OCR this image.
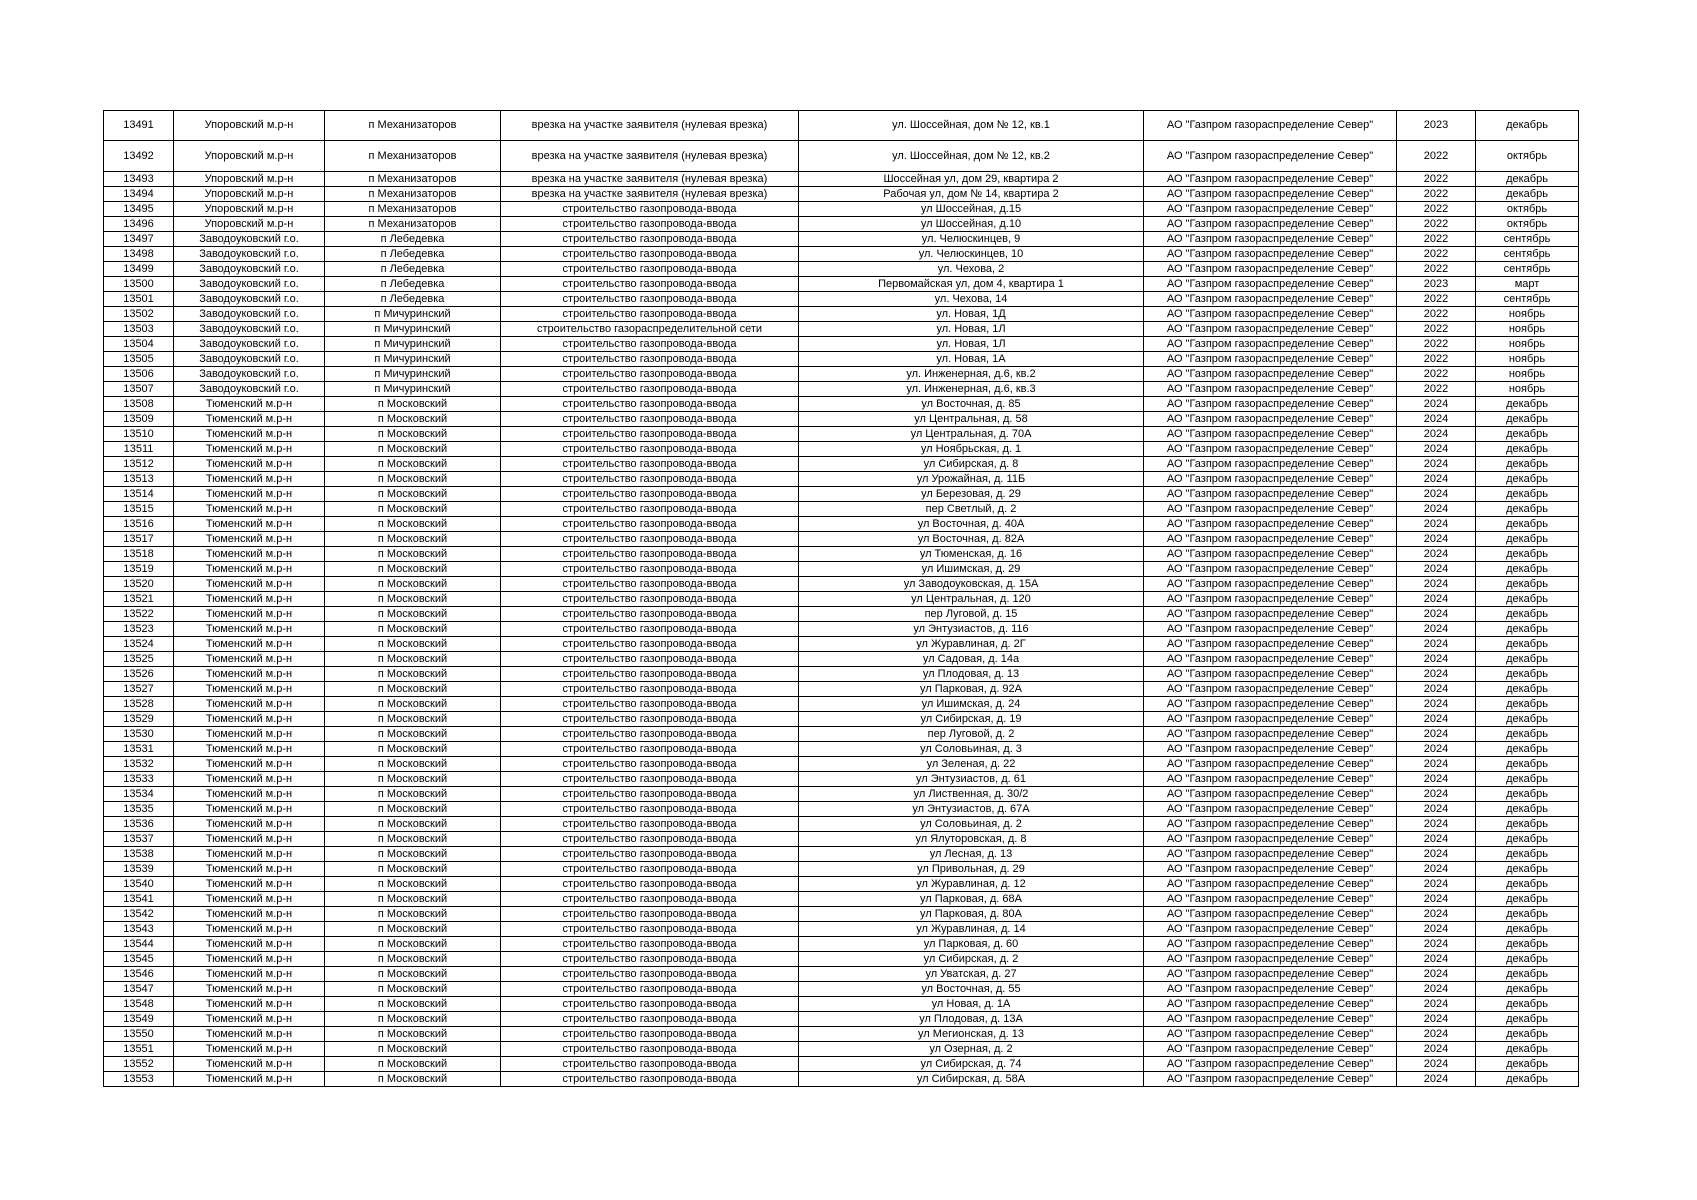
13491	Упоровский м.р-н	п Механизаторов	врезка на участке заявителя (нулевая врезка)	ул. Шоссейная, дом № 12, кв.1	АО "Газпром газораспределение Север"	2023	декабрь
13492	Упоровский м.р-н	п Механизаторов	врезка на участке заявителя (нулевая врезка)	ул. Шоссейная, дом № 12, кв.2	АО "Газпром газораспределение Север"	2022	октябрь
13493	Упоровский м.р-н	п Механизаторов	врезка на участке заявителя (нулевая врезка)	Шоссейная ул, дом 29, квартира 2	АО "Газпром газораспределение Север"	2022	декабрь
13494	Упоровский м.р-н	п Механизаторов	врезка на участке заявителя (нулевая врезка)	Рабочая ул, дом № 14, квартира 2	АО "Газпром газораспределение Север"	2022	декабрь
13495	Упоровский м.р-н	п Механизаторов	строительство газопровода-ввода	ул Шоссейная, д.15	АО "Газпром газораспределение Север"	2022	октябрь
13496	Упоровский м.р-н	п Механизаторов	строительство газопровода-ввода	ул Шоссейная, д.10	АО "Газпром газораспределение Север"	2022	октябрь
13497	Заводоуковский г.о.	п Лебедевка	строительство газопровода-ввода	ул. Челюскинцев, 9	АО "Газпром газораспределение Север"	2022	сентябрь
13498	Заводоуковский г.о.	п Лебедевка	строительство газопровода-ввода	ул. Челюскинцев, 10	АО "Газпром газораспределение Север"	2022	сентябрь
13499	Заводоуковский г.о.	п Лебедевка	строительство газопровода-ввода	ул. Чехова, 2	АО "Газпром газораспределение Север"	2022	сентябрь
13500	Заводоуковский г.о.	п Лебедевка	строительство газопровода-ввода	Первомайская ул, дом 4, квартира 1	АО "Газпром газораспределение Север"	2023	март
13501	Заводоуковский г.о.	п Лебедевка	строительство газопровода-ввода	ул. Чехова, 14	АО "Газпром газораспределение Север"	2022	сентябрь
13502	Заводоуковский г.о.	п Мичуринский	строительство газопровода-ввода	ул. Новая, 1Д	АО "Газпром газораспределение Север"	2022	ноябрь
13503	Заводоуковский г.о.	п Мичуринский	строительство газораспределительной сети	ул. Новая, 1Л	АО "Газпром газораспределение Север"	2022	ноябрь
13504	Заводоуковский г.о.	п Мичуринский	строительство газопровода-ввода	ул. Новая, 1Л	АО "Газпром газораспределение Север"	2022	ноябрь
13505	Заводоуковский г.о.	п Мичуринский	строительство газопровода-ввода	ул. Новая, 1А	АО "Газпром газораспределение Север"	2022	ноябрь
13506	Заводоуковский г.о.	п Мичуринский	строительство газопровода-ввода	ул. Инженерная, д.6, кв.2	АО "Газпром газораспределение Север"	2022	ноябрь
13507	Заводоуковский г.о.	п Мичуринский	строительство газопровода-ввода	ул. Инженерная, д.6, кв.3	АО "Газпром газораспределение Север"	2022	ноябрь
13508	Тюменский м.р-н	п Московский	строительство газопровода-ввода	ул Восточная, д. 85	АО "Газпром газораспределение Север"	2024	декабрь
13509	Тюменский м.р-н	п Московский	строительство газопровода-ввода	ул Центральная, д. 58	АО "Газпром газораспределение Север"	2024	декабрь
13510	Тюменский м.р-н	п Московский	строительство газопровода-ввода	ул Центральная, д. 70А	АО "Газпром газораспределение Север"	2024	декабрь
13511	Тюменский м.р-н	п Московский	строительство газопровода-ввода	ул Ноябрьская, д. 1	АО "Газпром газораспределение Север"	2024	декабрь
13512	Тюменский м.р-н	п Московский	строительство газопровода-ввода	ул Сибирская, д. 8	АО "Газпром газораспределение Север"	2024	декабрь
13513	Тюменский м.р-н	п Московский	строительство газопровода-ввода	ул Урожайная, д. 11Б	АО "Газпром газораспределение Север"	2024	декабрь
13514	Тюменский м.р-н	п Московский	строительство газопровода-ввода	ул Березовая, д. 29	АО "Газпром газораспределение Север"	2024	декабрь
13515	Тюменский м.р-н	п Московский	строительство газопровода-ввода	пер Светлый, д. 2	АО "Газпром газораспределение Север"	2024	декабрь
13516	Тюменский м.р-н	п Московский	строительство газопровода-ввода	ул Восточная, д. 40А	АО "Газпром газораспределение Север"	2024	декабрь
13517	Тюменский м.р-н	п Московский	строительство газопровода-ввода	ул Восточная, д. 82А	АО "Газпром газораспределение Север"	2024	декабрь
13518	Тюменский м.р-н	п Московский	строительство газопровода-ввода	ул Тюменская, д. 16	АО "Газпром газораспределение Север"	2024	декабрь
13519	Тюменский м.р-н	п Московский	строительство газопровода-ввода	ул Ишимская, д. 29	АО "Газпром газораспределение Север"	2024	декабрь
13520	Тюменский м.р-н	п Московский	строительство газопровода-ввода	ул Заводоуковская, д. 15А	АО "Газпром газораспределение Север"	2024	декабрь
13521	Тюменский м.р-н	п Московский	строительство газопровода-ввода	ул Центральная, д. 120	АО "Газпром газораспределение Север"	2024	декабрь
13522	Тюменский м.р-н	п Московский	строительство газопровода-ввода	пер Луговой, д. 15	АО "Газпром газораспределение Север"	2024	декабрь
13523	Тюменский м.р-н	п Московский	строительство газопровода-ввода	ул Энтузиастов, д. 116	АО "Газпром газораспределение Север"	2024	декабрь
13524	Тюменский м.р-н	п Московский	строительство газопровода-ввода	ул Журавлиная, д. 2Г	АО "Газпром газораспределение Север"	2024	декабрь
13525	Тюменский м.р-н	п Московский	строительство газопровода-ввода	ул Садовая, д. 14а	АО "Газпром газораспределение Север"	2024	декабрь
13526	Тюменский м.р-н	п Московский	строительство газопровода-ввода	ул Плодовая, д. 13	АО "Газпром газораспределение Север"	2024	декабрь
13527	Тюменский м.р-н	п Московский	строительство газопровода-ввода	ул Парковая, д. 92А	АО "Газпром газораспределение Север"	2024	декабрь
13528	Тюменский м.р-н	п Московский	строительство газопровода-ввода	ул Ишимская, д. 24	АО "Газпром газораспределение Север"	2024	декабрь
13529	Тюменский м.р-н	п Московский	строительство газопровода-ввода	ул Сибирская, д. 19	АО "Газпром газораспределение Север"	2024	декабрь
13530	Тюменский м.р-н	п Московский	строительство газопровода-ввода	пер Луговой, д. 2	АО "Газпром газораспределение Север"	2024	декабрь
13531	Тюменский м.р-н	п Московский	строительство газопровода-ввода	ул Соловьиная, д. 3	АО "Газпром газораспределение Север"	2024	декабрь
13532	Тюменский м.р-н	п Московский	строительство газопровода-ввода	ул Зеленая, д. 22	АО "Газпром газораспределение Север"	2024	декабрь
13533	Тюменский м.р-н	п Московский	строительство газопровода-ввода	ул Энтузиастов, д. 61	АО "Газпром газораспределение Север"	2024	декабрь
13534	Тюменский м.р-н	п Московский	строительство газопровода-ввода	ул Лиственная, д. 30/2	АО "Газпром газораспределение Север"	2024	декабрь
13535	Тюменский м.р-н	п Московский	строительство газопровода-ввода	ул Энтузиастов, д. 67А	АО "Газпром газораспределение Север"	2024	декабрь
13536	Тюменский м.р-н	п Московский	строительство газопровода-ввода	ул Соловьиная, д. 2	АО "Газпром газораспределение Север"	2024	декабрь
13537	Тюменский м.р-н	п Московский	строительство газопровода-ввода	ул Ялуторовская, д. 8	АО "Газпром газораспределение Север"	2024	декабрь
13538	Тюменский м.р-н	п Московский	строительство газопровода-ввода	ул Лесная, д. 13	АО "Газпром газораспределение Север"	2024	декабрь
13539	Тюменский м.р-н	п Московский	строительство газопровода-ввода	ул Привольная, д. 29	АО "Газпром газораспределение Север"	2024	декабрь
13540	Тюменский м.р-н	п Московский	строительство газопровода-ввода	ул Журавлиная, д. 12	АО "Газпром газораспределение Север"	2024	декабрь
13541	Тюменский м.р-н	п Московский	строительство газопровода-ввода	ул Парковая, д. 68А	АО "Газпром газораспределение Север"	2024	декабрь
13542	Тюменский м.р-н	п Московский	строительство газопровода-ввода	ул Парковая, д. 80А	АО "Газпром газораспределение Север"	2024	декабрь
13543	Тюменский м.р-н	п Московский	строительство газопровода-ввода	ул Журавлиная, д. 14	АО "Газпром газораспределение Север"	2024	декабрь
13544	Тюменский м.р-н	п Московский	строительство газопровода-ввода	ул Парковая, д. 60	АО "Газпром газораспределение Север"	2024	декабрь
13545	Тюменский м.р-н	п Московский	строительство газопровода-ввода	ул Сибирская, д. 2	АО "Газпром газораспределение Север"	2024	декабрь
13546	Тюменский м.р-н	п Московский	строительство газопровода-ввода	ул Уватская, д. 27	АО "Газпром газораспределение Север"	2024	декабрь
13547	Тюменский м.р-н	п Московский	строительство газопровода-ввода	ул Восточная, д. 55	АО "Газпром газораспределение Север"	2024	декабрь
13548	Тюменский м.р-н	п Московский	строительство газопровода-ввода	ул Новая, д. 1А	АО "Газпром газораспределение Север"	2024	декабрь
13549	Тюменский м.р-н	п Московский	строительство газопровода-ввода	ул Плодовая, д. 13А	АО "Газпром газораспределение Север"	2024	декабрь
13550	Тюменский м.р-н	п Московский	строительство газопровода-ввода	ул Мегионская, д. 13	АО "Газпром газораспределение Север"	2024	декабрь
13551	Тюменский м.р-н	п Московский	строительство газопровода-ввода	ул Озерная, д. 2	АО "Газпром газораспределение Север"	2024	декабрь
13552	Тюменский м.р-н	п Московский	строительство газопровода-ввода	ул Сибирская, д. 74	АО "Газпром газораспределение Север"	2024	декабрь
13553	Тюменский м.р-н	п Московский	строительство газопровода-ввода	ул Сибирская, д. 58А	АО "Газпром газораспределение Север"	2024	декабрь
